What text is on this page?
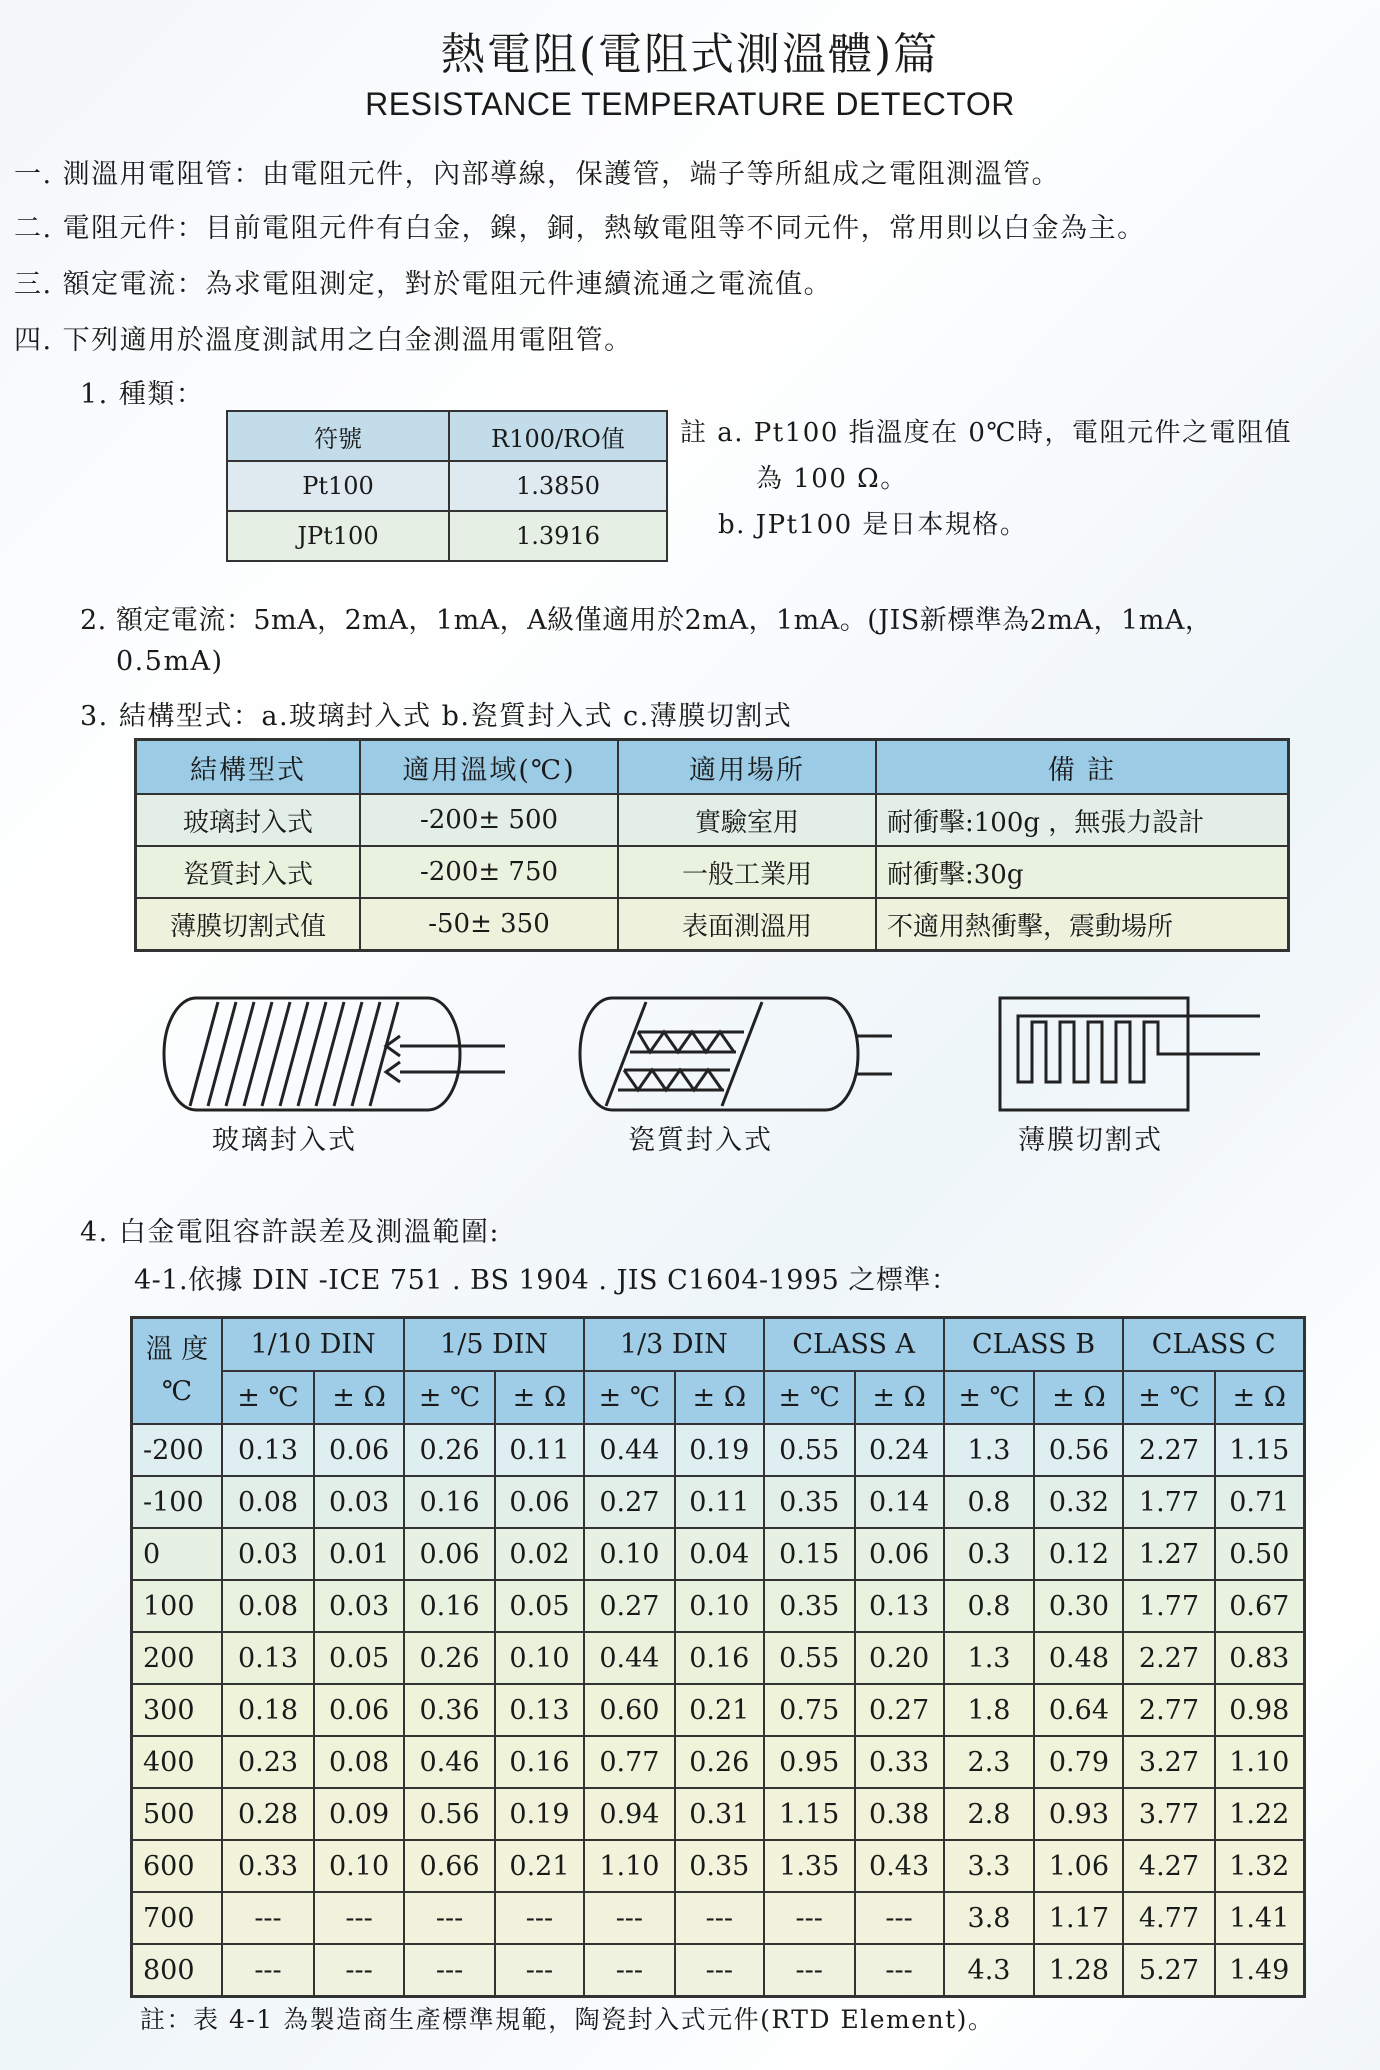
熱電阻(電阻式測溫體)篇
RESISTANCE TEMPERATURE DETECTOR
一. 測溫用電阻管：由電阻元件，內部導線，保護管，端子等所組成之電阻測溫管。
二. 電阻元件：目前電阻元件有白金，鎳，銅，熱敏電阻等不同元件，常用則以白金為主。
三. 額定電流：為求電阻測定，對於電阻元件連續流通之電流值。
四. 下列適用於溫度測試用之白金測溫用電阻管。
1. 種類：
符號	R100/RO值
Pt100	1.3850
JPt100	1.3916
註 a. Pt100 指溫度在 0℃時，電阻元件之電阻值
為 100 Ω。
b. JPt100 是日本規格。
2. 額定電流：5mA，2mA，1mA，A級僅適用於2mA，1mA。(JIS新標準為2mA，1mA，
0.5mA)
3. 結構型式：a.玻璃封入式 b.瓷質封入式 c.薄膜切割式
結構型式	適用溫域(℃)	適用場所	備 註
玻璃封入式	-200± 500	實驗室用	耐衝擊:100g ，無張力設計
瓷質封入式	-200± 750	一般工業用	耐衝擊:30g
薄膜切割式值	-50± 350	表面測溫用	不適用熱衝擊，震動場所
玻璃封入式	瓷質封入式	薄膜切割式
4. 白金電阻容許誤差及測溫範圍:
4-1.依據 DIN -ICE 751 . BS 1904 . JIS C1604-1995 之標準：
溫 度
℃	1/10 DIN		1/5 DIN		1/3 DIN		CLASS A		CLASS B		CLASS C	
	± ℃	± Ω	± ℃	± Ω	± ℃	± Ω	± ℃	± Ω	± ℃	± Ω	± ℃	± Ω
-200	0.13	0.06	0.26	0.11	0.44	0.19	0.55	0.24	1.3	0.56	2.27	1.15
-100	0.08	0.03	0.16	0.06	0.27	0.11	0.35	0.14	0.8	0.32	1.77	0.71
0	0.03	0.01	0.06	0.02	0.10	0.04	0.15	0.06	0.3	0.12	1.27	0.50
100	0.08	0.03	0.16	0.05	0.27	0.10	0.35	0.13	0.8	0.30	1.77	0.67
200	0.13	0.05	0.26	0.10	0.44	0.16	0.55	0.20	1.3	0.48	2.27	0.83
300	0.18	0.06	0.36	0.13	0.60	0.21	0.75	0.27	1.8	0.64	2.77	0.98
400	0.23	0.08	0.46	0.16	0.77	0.26	0.95	0.33	2.3	0.79	3.27	1.10
500	0.28	0.09	0.56	0.19	0.94	0.31	1.15	0.38	2.8	0.93	3.77	1.22
600	0.33	0.10	0.66	0.21	1.10	0.35	1.35	0.43	3.3	1.06	4.27	1.32
700	---	---	---	---	---	---	---	---	3.8	1.17	4.77	1.41
800	---	---	---	---	---	---	---	---	4.3	1.28	5.27	1.49
註：表 4-1 為製造商生產標準規範，陶瓷封入式元件(RTD Element)。
